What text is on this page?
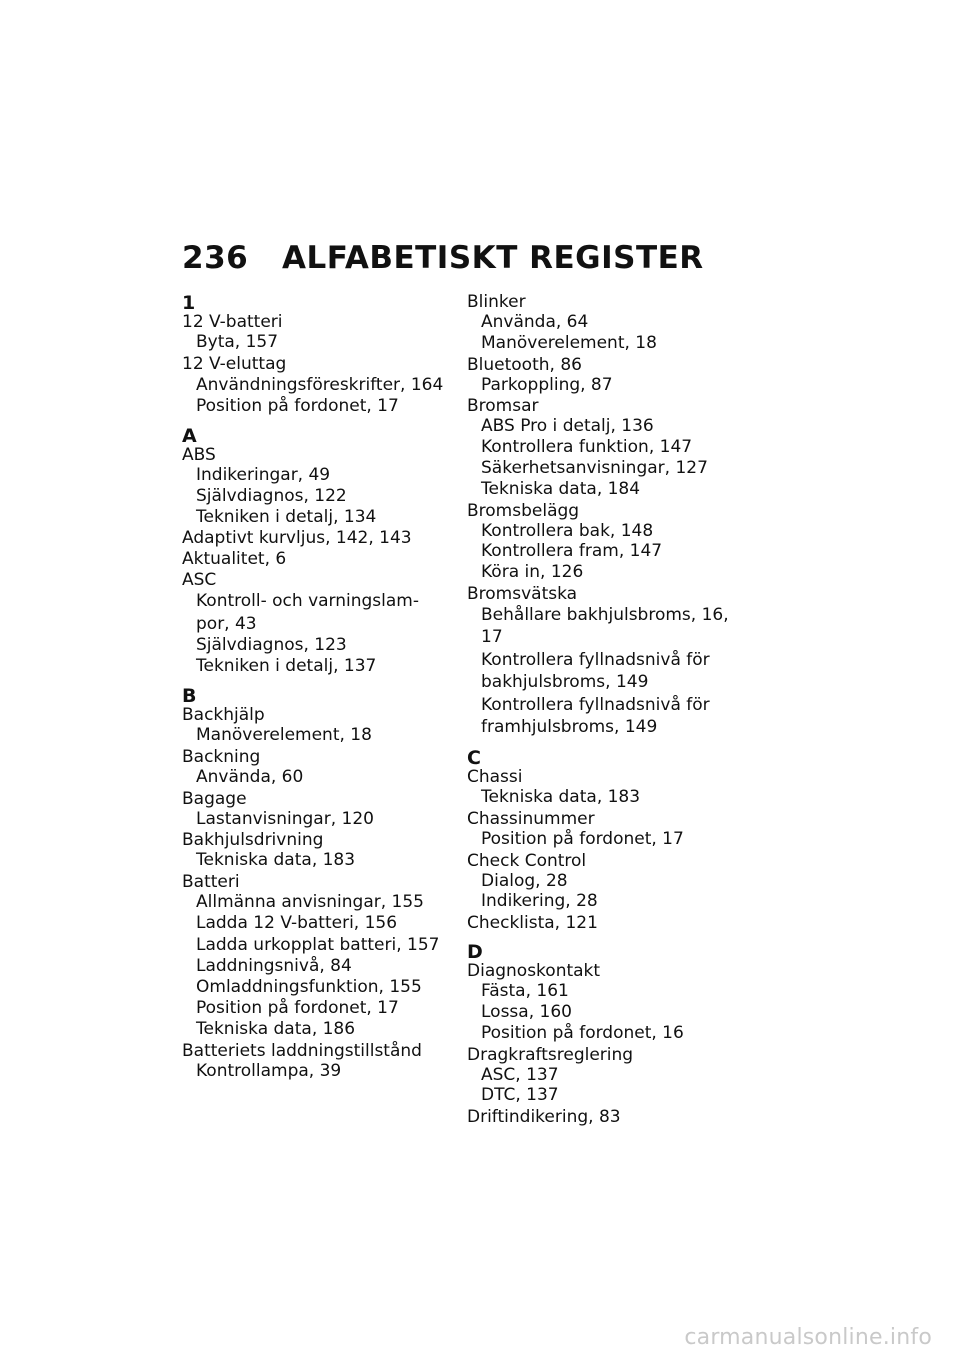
236 ALFABETISKT REGISTER
1
12 V-batteri
Byta, 157
12 V-eluttag
Användningsföreskrifter, 164
Position på fordonet, 17
A
ABS
Indikeringar, 49
Självdiagnos, 122
Tekniken i detalj, 134
Adaptivt kurvljus, 142, 143
Aktualitet, 6
ASC
Kontroll- och varningslam-por, 43
Självdiagnos, 123
Tekniken i detalj, 137
B
Backhjälp
Manöverelement, 18
Backning
Använda, 60
Bagage
Lastanvisningar, 120
Bakhjulsdrivning
Tekniska data, 183
Batteri
Allmänna anvisningar, 155
Ladda 12 V-batteri, 156
Ladda urkopplat batteri, 157
Laddningsnivå, 84
Omladdningsfunktion, 155
Position på fordonet, 17
Tekniska data, 186
Batteriets laddningstillstånd
Kontrollampa, 39
Blinker
Använda, 64
Manöverelement, 18
Bluetooth, 86
Parkoppling, 87
Bromsar
ABS Pro i detalj, 136
Kontrollera funktion, 147
Säkerhetsanvisningar, 127
Tekniska data, 184
Bromsbelägg
Kontrollera bak, 148
Kontrollera fram, 147
Köra in, 126
Bromsvätska
Behållare bakhjulsbroms, 16, 17
Kontrollera fyllnadsnivå för bakhjulsbroms, 149
Kontrollera fyllnadsnivå för framhjulsbroms, 149
C
Chassi
Tekniska data, 183
Chassinummer
Position på fordonet, 17
Check Control
Dialog, 28
Indikering, 28
Checklista, 121
D
Diagnoskontakt
Fästa, 161
Lossa, 160
Position på fordonet, 16
Dragkraftsreglering
ASC, 137
DTC, 137
Driftindikering, 83
carmanualsonline.info
